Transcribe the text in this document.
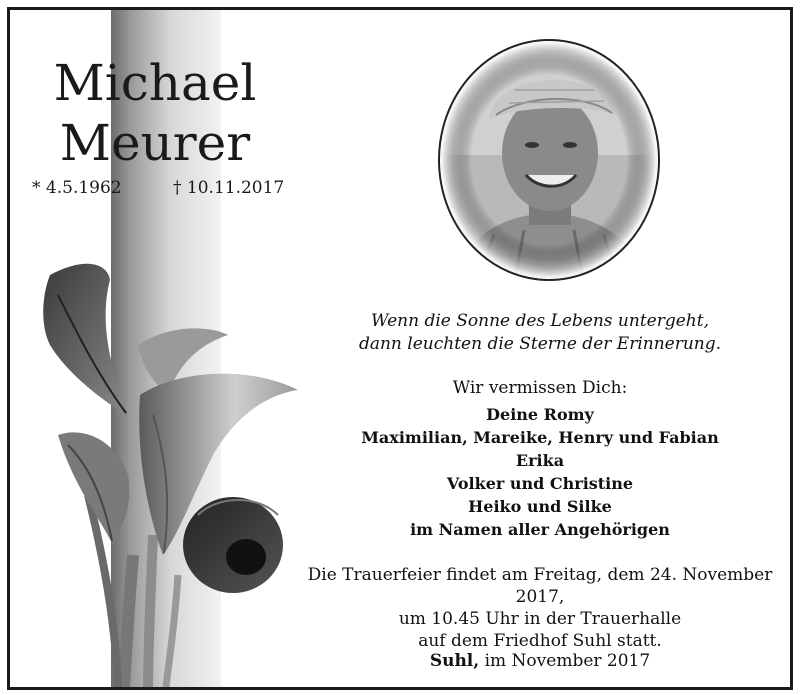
Michael
Meurer
* 4.5.1962	† 10.11.2017
Wenn die Sonne des Lebens untergeht,
dann leuchten die Sterne der Erinnerung.
Wir vermissen Dich:
Deine Romy
Maximilian, Mareike, Henry und Fabian
Erika
Volker und Christine
Heiko und Silke
im Namen aller Angehörigen
Die Trauerfeier findet am Freitag, dem 24. November 2017,
um 10.45 Uhr in der Trauerhalle
auf dem Friedhof Suhl statt.
Suhl, im November 2017
